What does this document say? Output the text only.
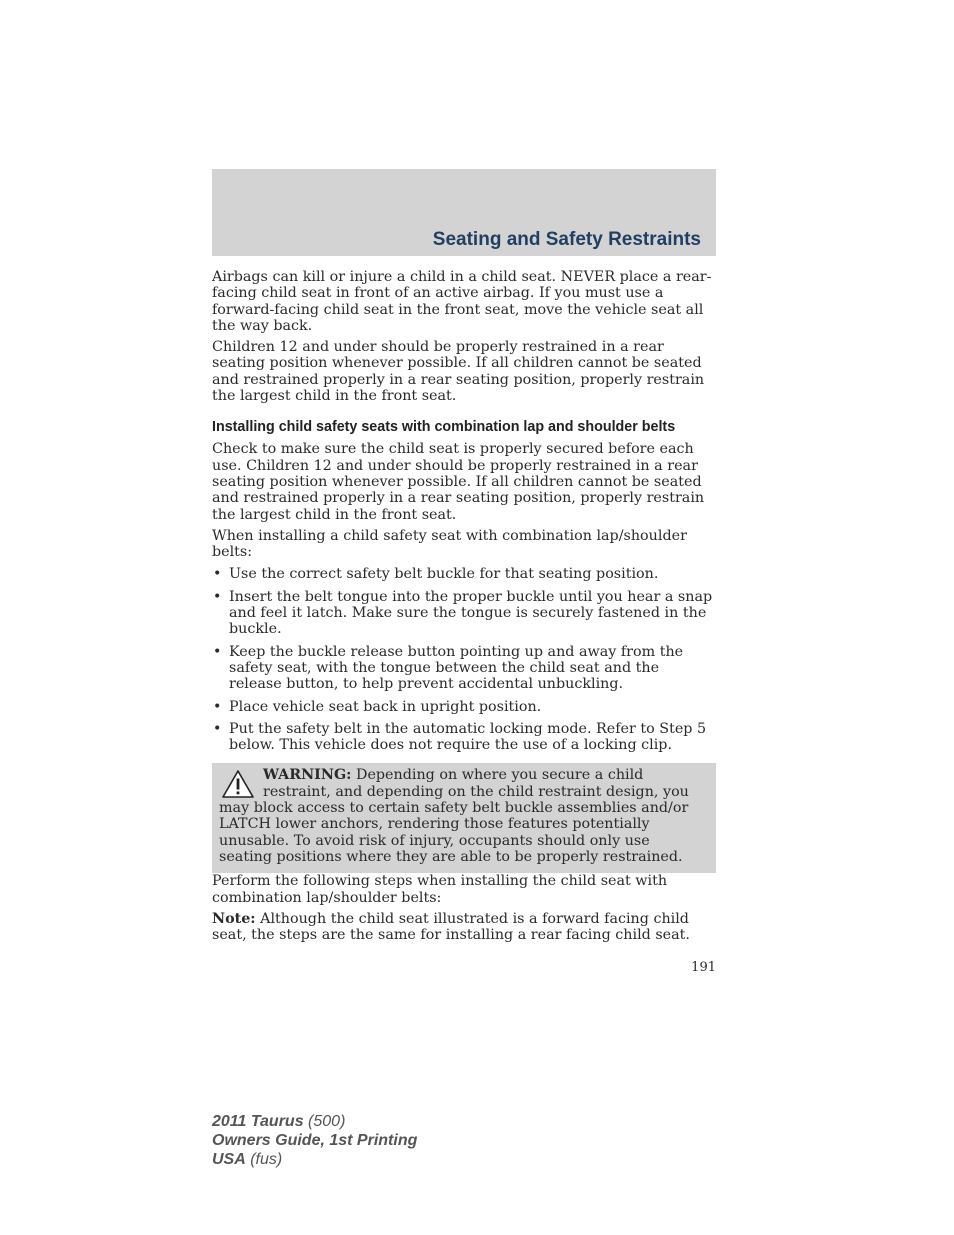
Seating and Safety Restraints

Airbags can kill or injure a child in a child seat. NEVER place a rear-facing child seat in front of an active airbag. If you must use a forward-facing child seat in the front seat, move the vehicle seat all the way back.

Children 12 and under should be properly restrained in a rear seating position whenever possible. If all children cannot be seated and restrained properly in a rear seating position, properly restrain the largest child in the front seat.

Installing child safety seats with combination lap and shoulder belts

Check to make sure the child seat is properly secured before each use. Children 12 and under should be properly restrained in a rear seating position whenever possible. If all children cannot be seated and restrained properly in a rear seating position, properly restrain the largest child in the front seat.

When installing a child safety seat with combination lap/shoulder belts:

• Use the correct safety belt buckle for that seating position.
• Insert the belt tongue into the proper buckle until you hear a snap and feel it latch. Make sure the tongue is securely fastened in the buckle.
• Keep the buckle release button pointing up and away from the safety seat, with the tongue between the child seat and the release button, to help prevent accidental unbuckling.
• Place vehicle seat back in upright position.
• Put the safety belt in the automatic locking mode. Refer to Step 5 below. This vehicle does not require the use of a locking clip.
WARNING: Depending on where you secure a child restraint, and depending on the child restraint design, you may block access to certain safety belt buckle assemblies and/or LATCH lower anchors, rendering those features potentially unusable. To avoid risk of injury, occupants should only use seating positions where they are able to be properly restrained.

Perform the following steps when installing the child seat with combination lap/shoulder belts:

Note: Although the child seat illustrated is a forward facing child seat, the steps are the same for installing a rear facing child seat.

191
2011 Taurus (500)
Owners Guide, 1st Printing
USA (fus)
